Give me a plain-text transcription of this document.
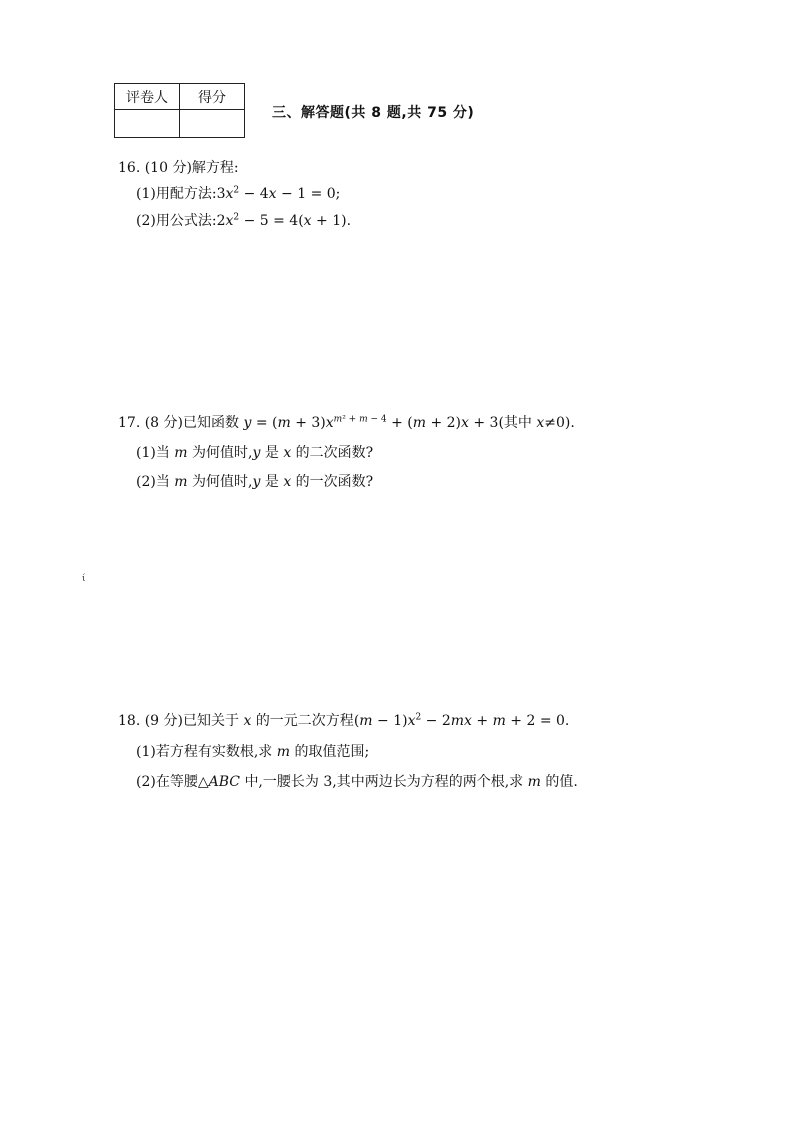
评卷人	得分

三、解答题(共 8 题,共 75 分)
16. (10 分)解方程:
(1)用配方法$:3x^2 - 4x - 1 = 0$;
(2)用公式法$:2x^2 - 5 = 4(x + 1)$.
17. (8 分)已知函数 $y = (m + 3)x^{m^2 + m - 4} + (m + 2)x + 3$(其中 x≠0).
(1)当 m 为何值时,y 是 x 的二次函数?
(2)当 m 为何值时,y 是 x 的一次函数?
ί
18. (9 分)已知关于 x 的一元二次方程$(m - 1)x^2 - 2mx + m + 2 = 0$.
(1)若方程有实数根,求 m 的取值范围;
(2)在等腰△ABC 中,一腰长为 3,其中两边长为方程的两个根,求 m 的值.
